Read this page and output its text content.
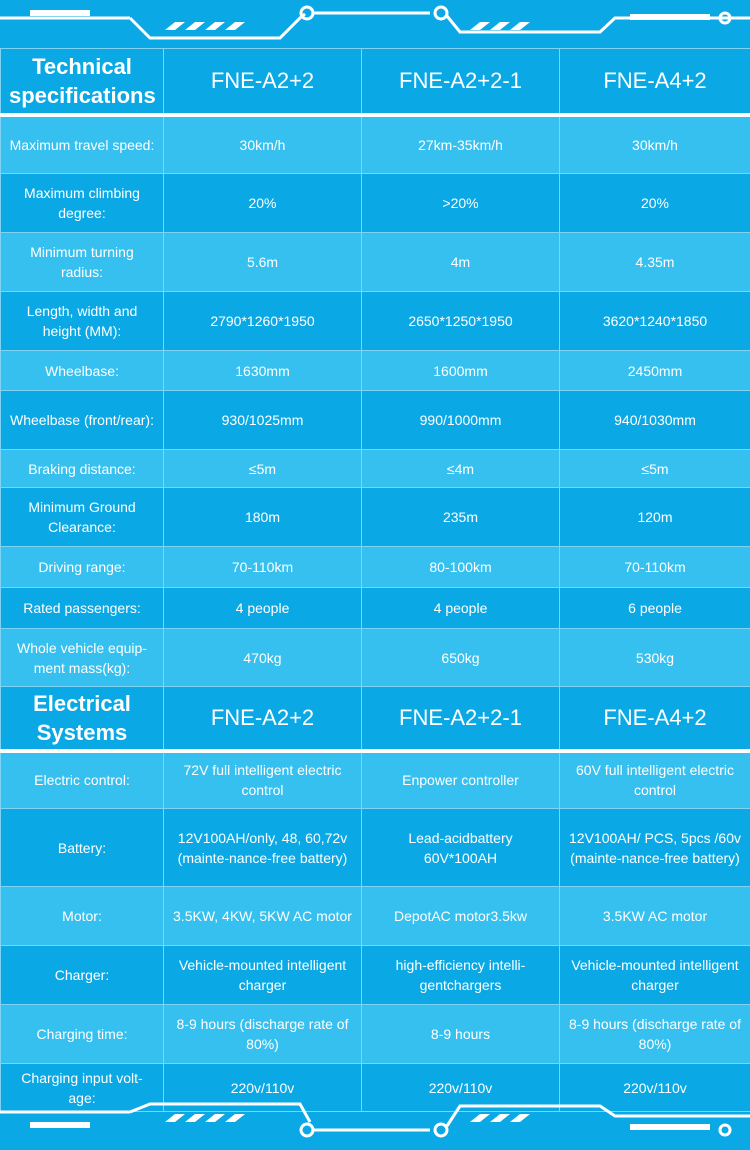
Technical specifications	FNE-A2+2	FNE-A2+2-1	FNE-A4+2
Maximum travel speed:	30km/h	27km-35km/h	30km/h
Maximum climbing degree:	20%	>20%	20%
Minimum turning radius:	5.6m	4m	4.35m
Length, width and height (MM):	2790*1260*1950	2650*1250*1950	3620*1240*1850
Wheelbase:	1630mm	1600mm	2450mm
Wheelbase (front/rear):	930/1025mm	990/1000mm	940/1030mm
Braking distance:	≤5m	≤4m	≤5m
Minimum Ground Clearance:	180m	235m	120m
Driving range:	70-110km	80-100km	70-110km
Rated passengers:	4 people	4 people	6 people
Whole vehicle equip-ment mass(kg):	470kg	650kg	530kg
Electrical Systems	FNE-A2+2	FNE-A2+2-1	FNE-A4+2
Electric control:	72V full intelligent electric control	Enpower controller	60V full intelligent electric control
Battery:	12V100AH/only, 48, 60,72v (mainte-nance-free battery)	Lead-acidbattery 60V*100AH	12V100AH/ PCS, 5pcs /60v (mainte-nance-free battery)
Motor:	3.5KW, 4KW, 5KW AC motor	DepotAC motor3.5kw	3.5KW AC motor
Charger:	Vehicle-mounted intelligent charger	high-efficiency intelli-gentchargers	Vehicle-mounted intelligent charger
Charging time:	8-9 hours (discharge rate of 80%)	8-9 hours	8-9 hours (discharge rate of 80%)
Charging input volt-age:	220v/110v	220v/110v	220v/110v
